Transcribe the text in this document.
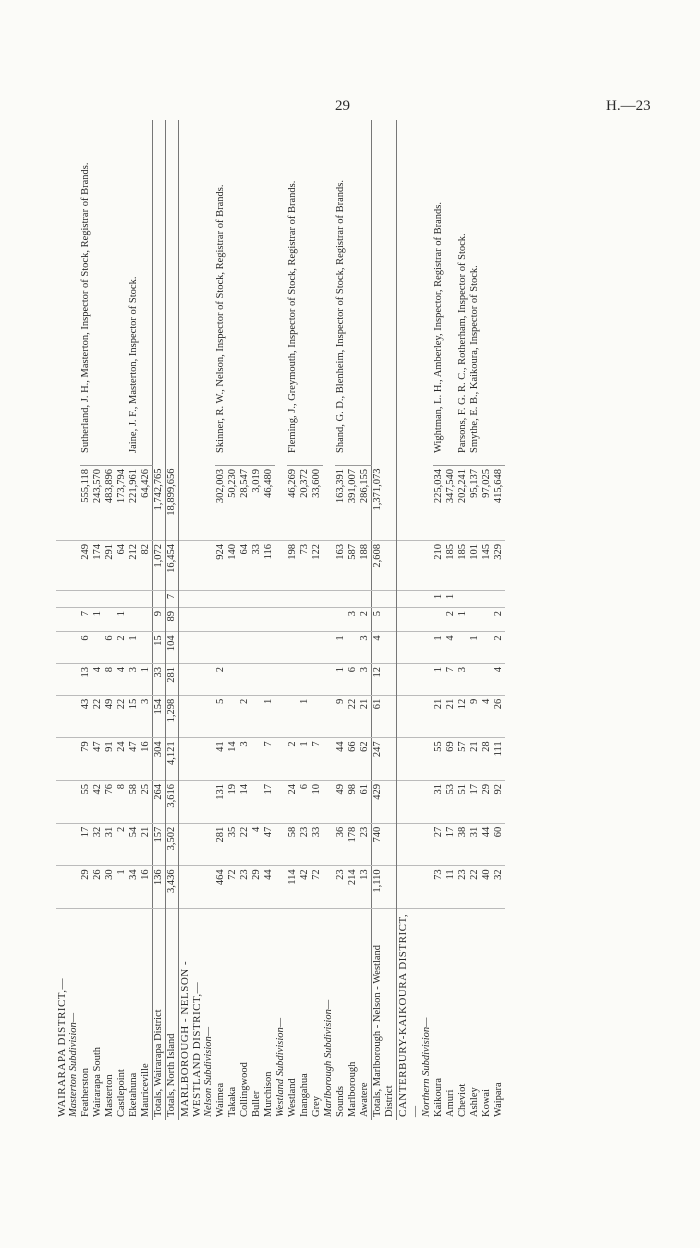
29	H.—23
WAIRARAPA DISTRICT,—												
Masterton Subdivision—												
Featherston	29	17	55	79	43	13	6	7		249	555,118	Sutherland, J. H., Masterton, Inspector of Stock, Registrar of Brands.
Wairarapa South	26	32	42	47	22	4		1		174	243,570	
Masterton	30	31	76	91	49	8	6			291	483,896	
Castlepoint	1	2	8	24	22	4	2	1		64	173,794	
Eketahuna	34	54	58	47	15	3	1			212	221,961	Jaine, J. F., Masterton, Inspector of Stock.
Mauriceville	16	21	25	16	3	1				82	64,426	
Totals, Wairarapa District	136	157	264	304	154	33	15	9		1,072	1,742,765	
Totals, North Island	3,436	3,502	3,616	4,121	1,298	281	104	89	7	16,454	18,899,656	
MARLBOROUGH - NELSON - WESTLAND DISTRICT,—												
Nelson Subdivision—												
Waimea	464	281	131	41	5	2				924	302,003	Skinner, R. W., Nelson, Inspector of Stock, Registrar of Brands.
Takaka	72	35	19	14						140	50,230	
Collingwood	23	22	14	3	2					64	28,547	
Buller	29	4								33	3,019	
Murchison	44	47	17	7	1					116	46,480	
Westland Subdivision—												
Westland	114	58	24	2						198	46,269	Fleming, J., Greymouth, Inspector of Stock, Registrar of Brands.
Inangahua	42	23	6	1	1					73	20,372	
Grey	72	33	10	7						122	33,600	
Marlborough Subdivision—												
Sounds	23	36	49	44	9	1	1			163	163,391	Shand, G. D., Blenheim, Inspector of Stock, Registrar of Brands.
Marlborough	214	178	98	66	22	6		3		587	391,007	
Awatere	13	23	61	62	21	3	3	2		188	286,155	
Totals, Marlborough - Nelson - Westland District	1,110	740	429	247	61	12	4	5		2,608	1,371,073	
CANTERBURY-KAIKOURA DISTRICT,—												
Northern Subdivision—												
Kaikoura	73	27	31	55	21	1	1		1	210	225,034	Wightman, L. H., Amberley, Inspector, Registrar of Brands.
Amuri	11	17	53	69	21	7	4	2	1	185	347,540	
Cheviot	23	38	51	57	12	3		1		185	202,241	Parsons, F. G. R. C., Rotherham, Inspector of Stock.
Ashley	22	31	17	21	9		1			101	95,137	Smythe, E. B., Kaikoura, Inspector of Stock.
Kowai	40	44	29	28	4					145	97,025	
Waipara	32	60	92	111	26	4	2	2		329	415,648	
